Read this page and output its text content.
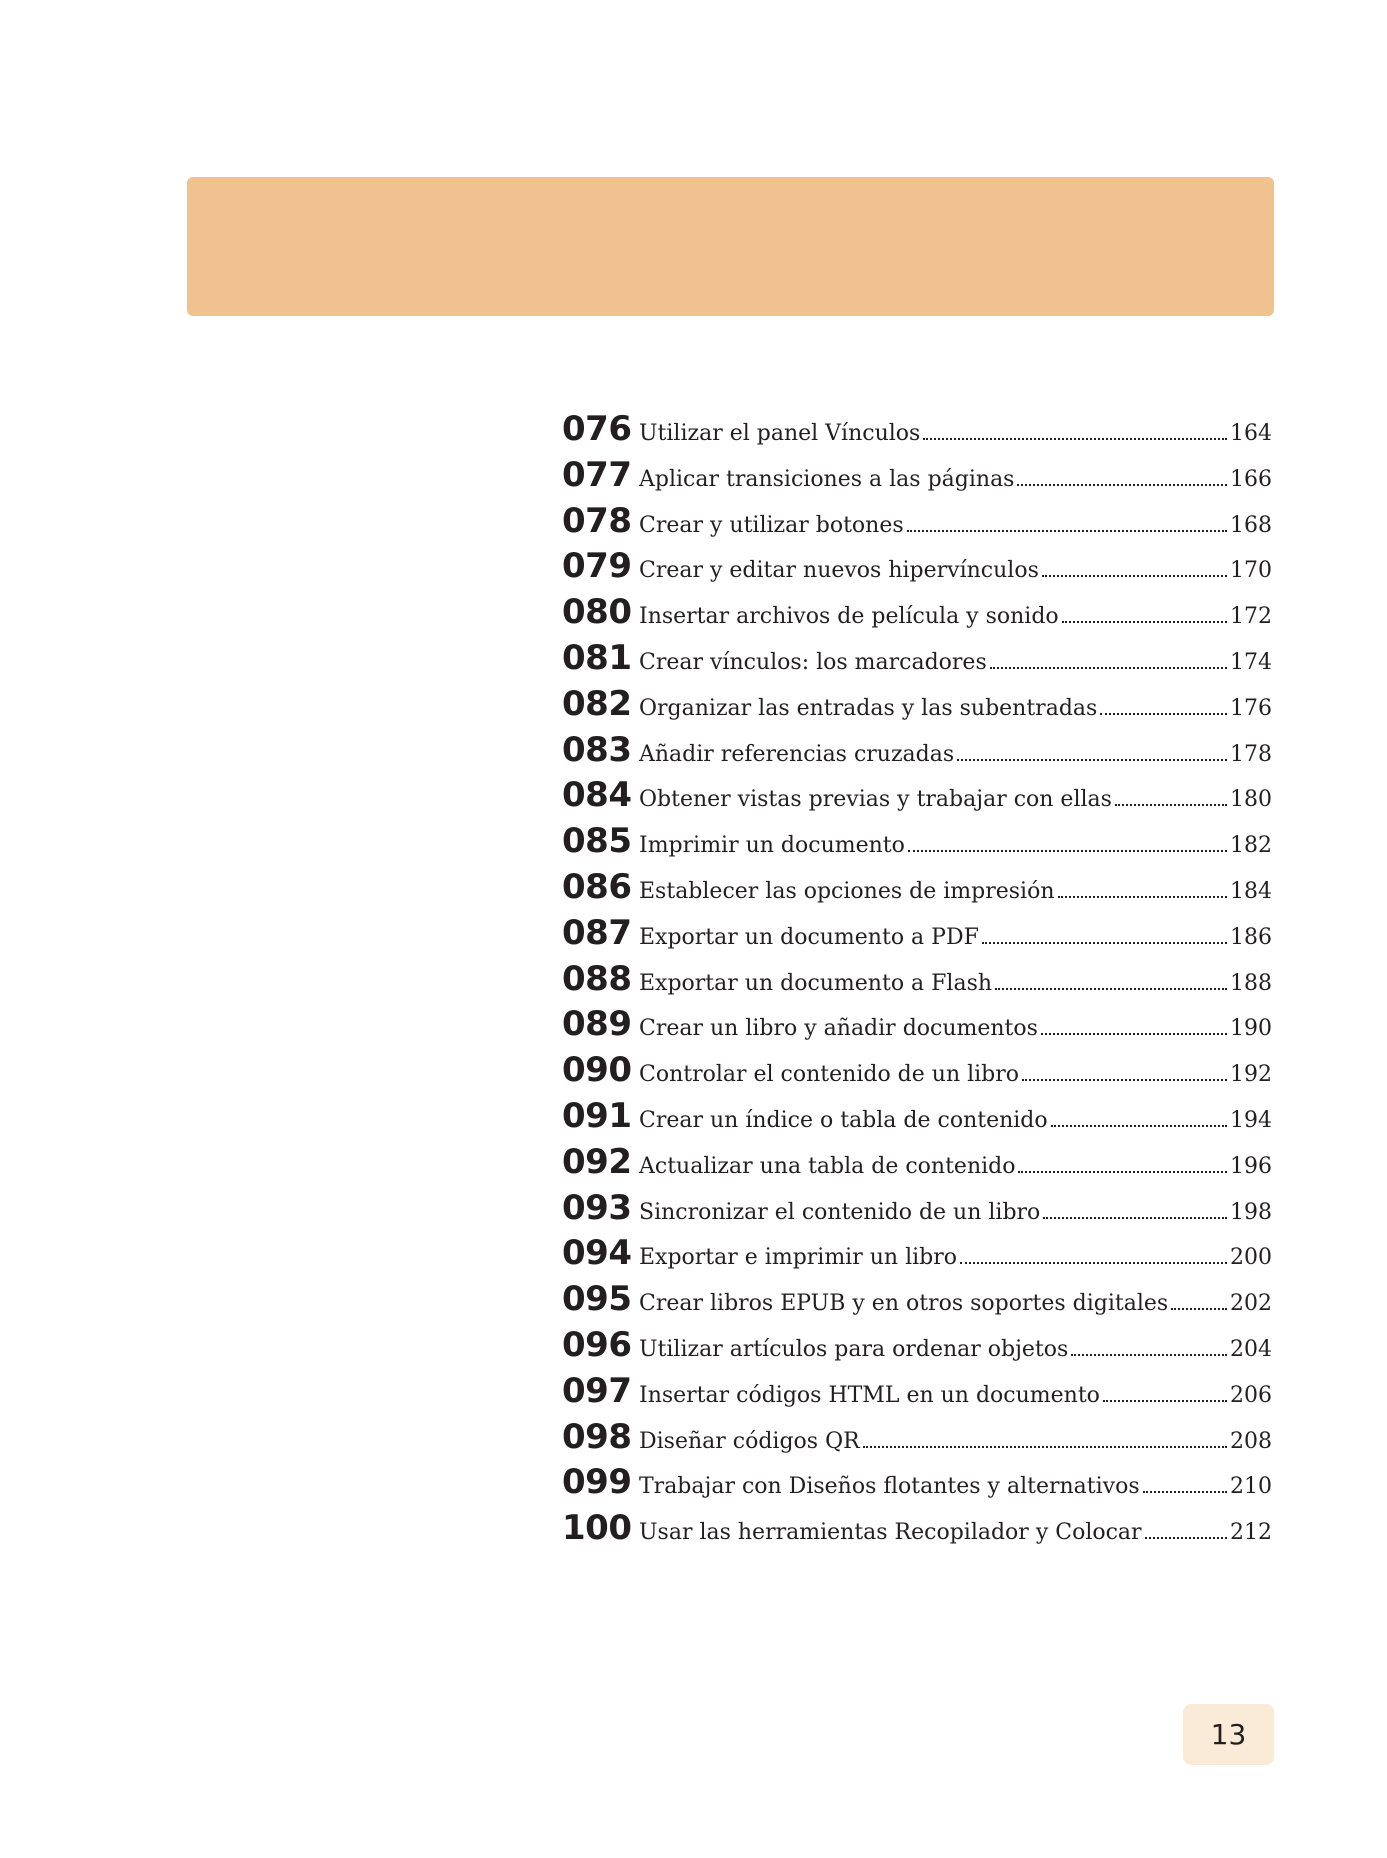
076 Utilizar el panel Vínculos	164
077 Aplicar transiciones a las páginas	166
078 Crear y utilizar botones	168
079 Crear y editar nuevos hipervínculos	170
080 Insertar archivos de película y sonido	172
081 Crear vínculos: los marcadores	174
082 Organizar las entradas y las subentradas	176
083 Añadir referencias cruzadas	178
084 Obtener vistas previas y trabajar con ellas	180
085 Imprimir un documento	182
086 Establecer las opciones de impresión	184
087 Exportar un documento a PDF	186
088 Exportar un documento a Flash	188
089 Crear un libro y añadir documentos	190
090 Controlar el contenido de un libro	192
091 Crear un índice o tabla de contenido	194
092 Actualizar una tabla de contenido	196
093 Sincronizar el contenido de un libro	198
094 Exportar e imprimir un libro	200
095 Crear libros EPUB y en otros soportes digitales	202
096 Utilizar artículos para ordenar objetos	204
097 Insertar códigos HTML en un documento	206
098 Diseñar códigos QR	208
099 Trabajar con Diseños flotantes y alternativos	210
100 Usar las herramientas Recopilador y Colocar	212
13
